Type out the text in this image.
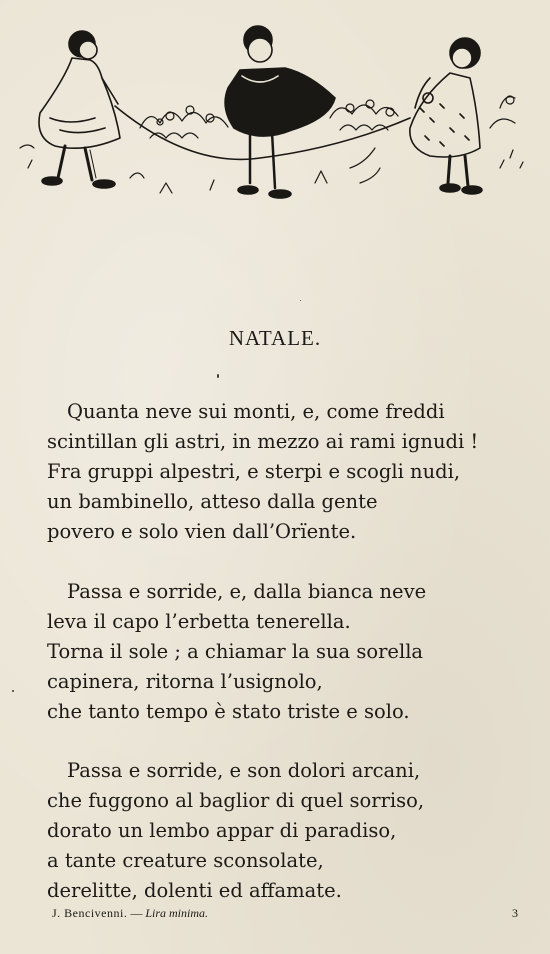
NATALE.
Quanta neve sui monti, e, come freddi
scintillan gli astri, in mezzo ai rami ignudi !
Fra gruppi alpestri, e sterpi e scogli nudi,
un bambinello, atteso dalla gente
povero e solo vien dall’Orïente.
Passa e sorride, e, dalla bianca neve
leva il capo l’erbetta tenerella.
Torna il sole ; a chiamar la sua sorella
capinera, ritorna l’usignolo,
che tanto tempo è stato triste e solo.
Passa e sorride, e son dolori arcani,
che fuggono al baglior di quel sorriso,
dorato un lembo appar di paradiso,
a tante creature sconsolate,
derelitte, dolenti ed affamate.
J. Bencivenni. — Lira minima.	3
